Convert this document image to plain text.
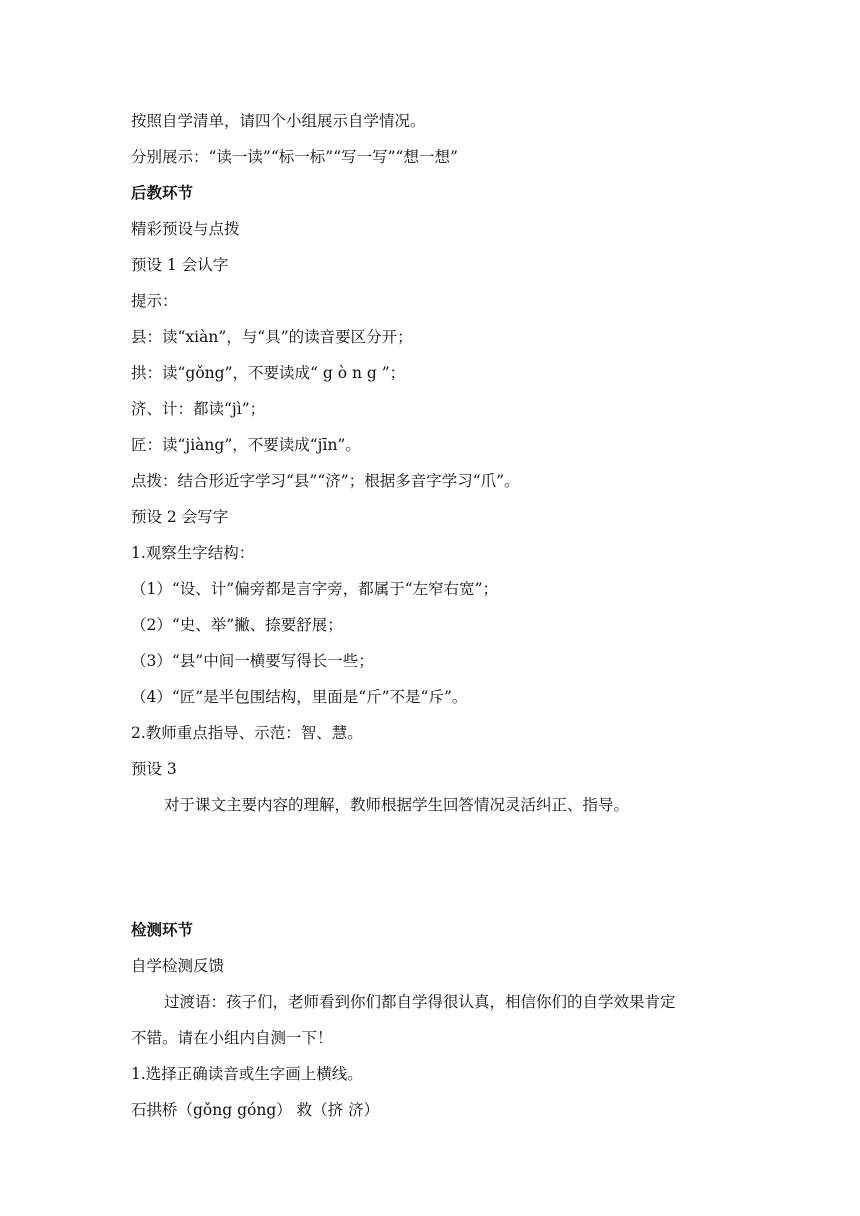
按照自学清单，请四个小组展示自学情况。
分别展示：“读一读”“标一标”“写一写”“想一想”
后教环节
精彩预设与点拨
预设 1 会认字
提示：
县：读“xiàn”，与“具”的读音要区分开；
拱：读“gǒng”，不要读成“ g ò n g ”；
济、计：都读“jì”；
匠：读“jiàng”，不要读成“jīn”。
点拨：结合形近字学习“县”“济”；根据多音字学习“爪”。
预设 2 会写字
1.观察生字结构：
（1）“设、计”偏旁都是言字旁，都属于“左窄右宽”；
（2）“史、举”撇、捺要舒展；
（3）“县”中间一横要写得长一些；
（4）“匠”是半包围结构，里面是“斤”不是“斥”。
2.教师重点指导、示范：智、慧。
预设 3
对于课文主要内容的理解，教师根据学生回答情况灵活纠正、指导。
检测环节
自学检测反馈
过渡语：孩子们，老师看到你们都自学得很认真，相信你们的自学效果肯定
不错。请在小组内自测一下！
1.选择正确读音或生字画上横线。
石拱桥（gǒng góng） 救（挤 济）
